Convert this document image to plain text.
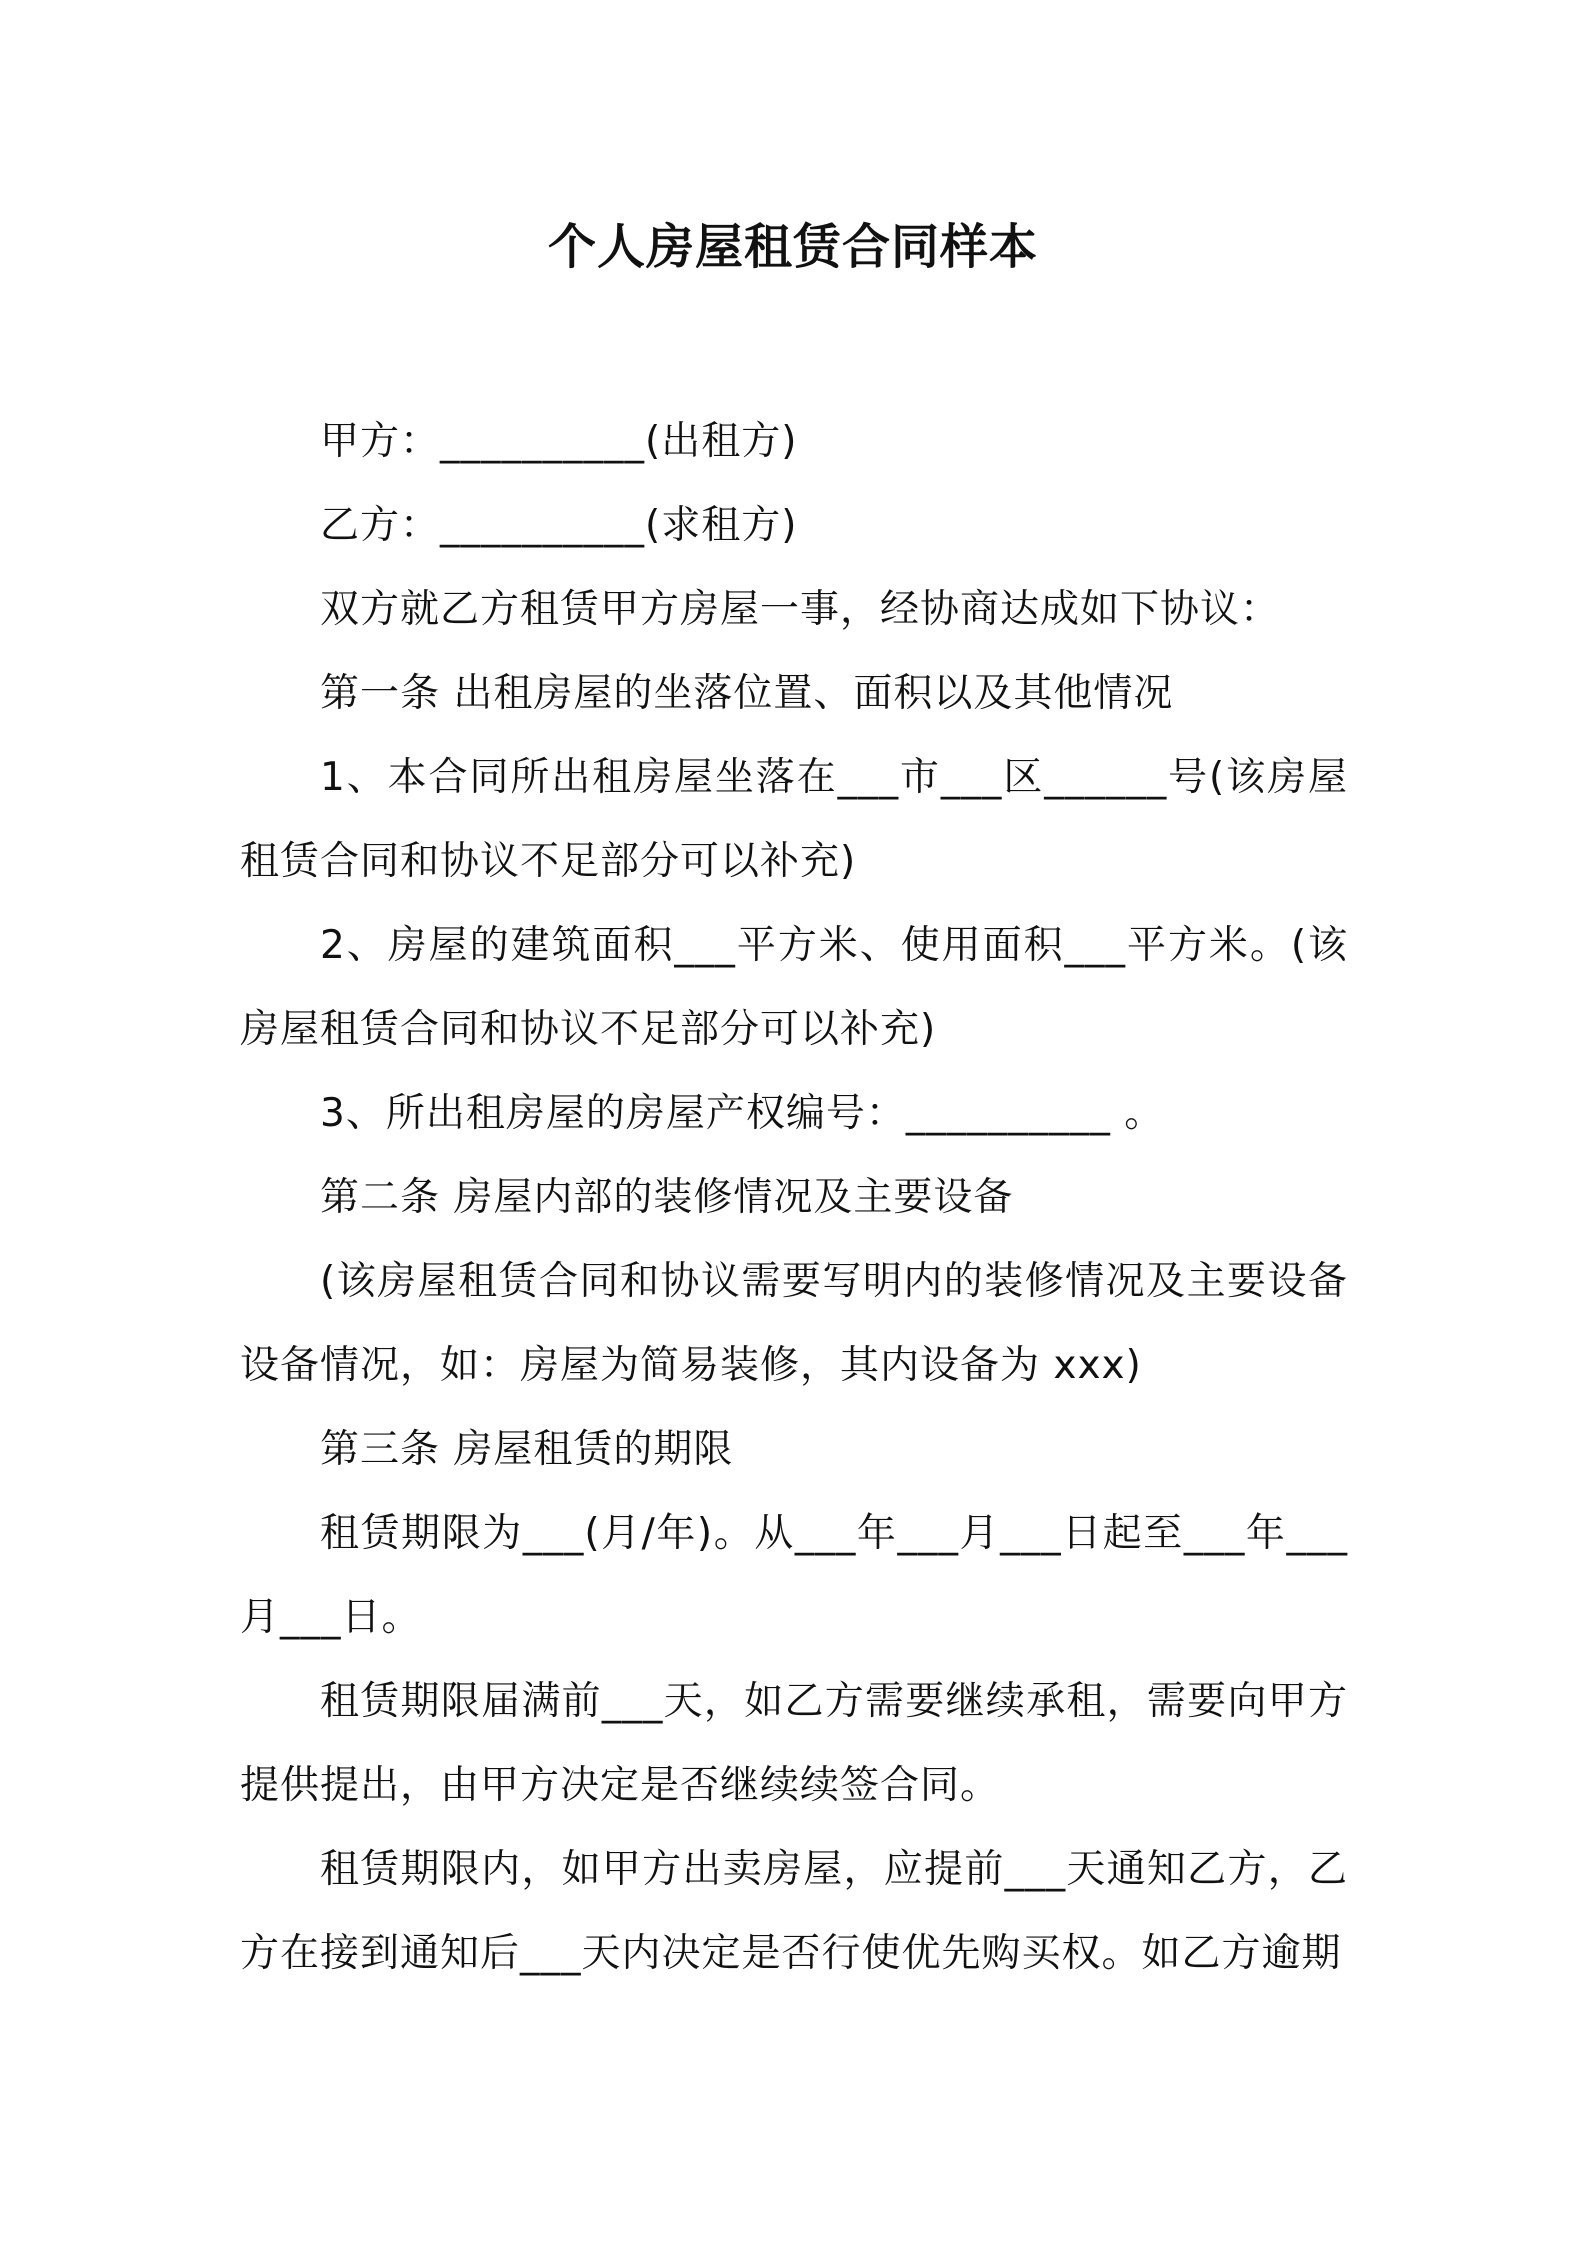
个人房屋租赁合同样本

甲方：__________(出租方)

乙方：__________(求租方)

双方就乙方租赁甲方房屋一事，经协商达成如下协议：

第一条 出租房屋的坐落位置、面积以及其他情况

1、本合同所出租房屋坐落在___市___区______号(该房屋租赁合同和协议不足部分可以补充)

2、房屋的建筑面积___平方米、使用面积___平方米。(该房屋租赁合同和协议不足部分可以补充)

3、所出租房屋的房屋产权编号：__________ 。

第二条 房屋内部的装修情况及主要设备

(该房屋租赁合同和协议需要写明内的装修情况及主要设备设备情况，如：房屋为简易装修，其内设备为 xxx)

第三条 房屋租赁的期限

租赁期限为___(月/年)。从___年___月___日起至___年___月___日。

租赁期限届满前___天，如乙方需要继续承租，需要向甲方提供提出，由甲方决定是否继续续签合同。

租赁期限内，如甲方出卖房屋，应提前___天通知乙方，乙方在接到通知后___天内决定是否行使优先购买权。如乙方逾期
